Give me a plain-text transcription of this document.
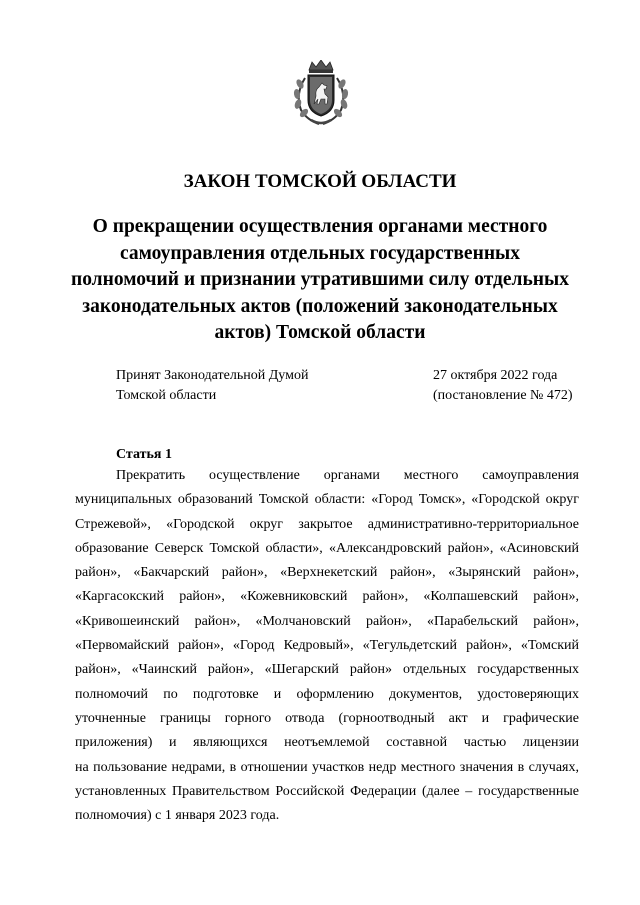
ЗАКОН ТОМСКОЙ ОБЛАСТИ
О прекращении осуществления органами местного
самоуправления отдельных государственных
полномочий и признании утратившими силу отдельных
законодательных актов (положений законодательных
актов) Томской области
Принят Законодательной Думой
Томской области
27 октября 2022 года
(постановление № 472)
Статья 1
Прекратить осуществление органами местного самоуправления
муниципальных образований Томской области: «Город Томск», «Городской округ
Стрежевой», «Городской округ закрытое административно-территориальное
образование Северск Томской области», «Александровский район», «Асиновский
район», «Бакчарский район», «Верхнекетский район», «Зырянский район»,
«Каргасокский район», «Кожевниковский район», «Колпашевский район»,
«Кривошеинский район», «Молчановский район», «Парабельский район»,
«Первомайский район», «Город Кедровый», «Тегульдетский район», «Томский
район», «Чаинский район», «Шегарский район» отдельных государственных
полномочий по подготовке и оформлению документов, удостоверяющих
уточненные границы горного отвода (горноотводный акт и графические
приложения) и являющихся неотъемлемой составной частью лицензии
на пользование недрами, в отношении участков недр местного значения в случаях,
установленных Правительством Российской Федерации (далее – государственные
полномочия) с 1 января 2023 года.
